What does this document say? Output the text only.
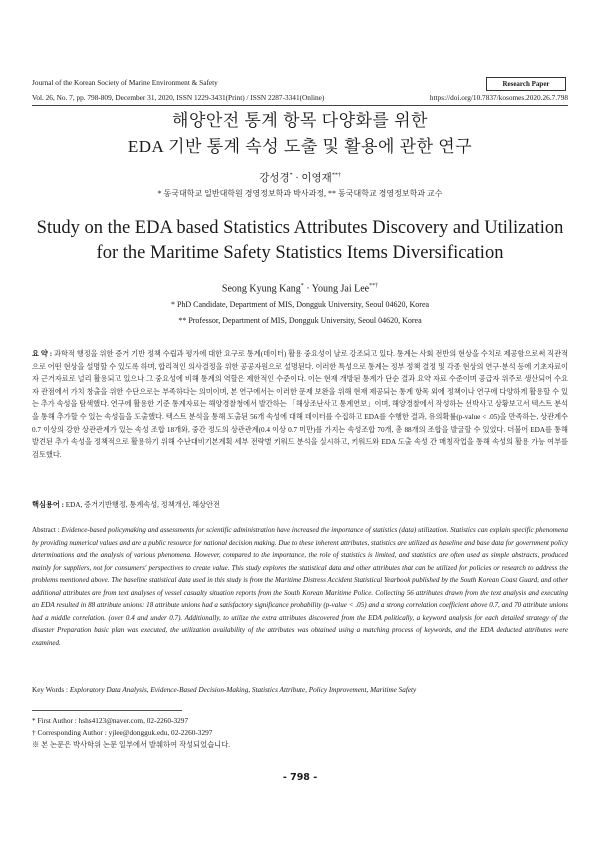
Journal of the Korean Society of Marine Environment & Safety	Research Paper
Vol. 26, No. 7, pp. 798-809, December 31, 2020, ISSN 1229-3431(Print) / ISSN 2287-3341(Online)	https://doi.org/10.7837/kosomes.2020.26.7.798
해양안전 통계 항목 다양화를 위한
EDA 기반 통계 속성 도출 및 활용에 관한 연구
강성경* · 이영재**†
* 동국대학교 일반대학원 경영정보학과 박사과정, ** 동국대학교 경영정보학과 교수
Study on the EDA based Statistics Attributes Discovery and Utilization
for the Maritime Safety Statistics Items Diversification
Seong Kyung Kang* · Young Jai Lee**†
* PhD Candidate, Department of MIS, Dongguk University, Seoul 04620, Korea
** Professor, Department of MIS, Dongguk University, Seoul 04620, Korea
요 약 : 과학적 행정을 위한 증거 기반 정책 수립과 평가에 대한 요구로 통계(데이터) 활용 중요성이 날로 강조되고 있다. 통계는 사회 전반의 현상을 수치로 제공함으로써 직관적으로 어떤 현상을 설명할 수 있도록 하며, 합리적인 의사결정을 위한 공공자원으로 설명된다. 이러한 특성으로 통계는 정부 정책 결정 및 각종 현상의 연구·분석 등에 기초자료이자 근거자료로 널리 활용되고 있으나 그 중요성에 비해 통계의 역할은 제한적인 수준이다. 이는 현재 개방된 통계가 단순 결과 요약 자료 수준이며 공급자 위주로 생산되어 수요자 관점에서 가치 창출을 위한 수단으로는 부족하다는 의미이며, 본 연구에서는 이러한 문제 보완을 위해 현재 제공되는 통계 항목 외에 정책이나 연구에 다양하게 활용할 수 있는 추가 속성을 탐색했다. 연구에 활용한 기준 통계자료는 해양경찰청에서 발간하는 「해상조난사고 통계연보」이며, 해양경찰에서 작성하는 선박사고 상황보고서 텍스트 분석을 통해 추가할 수 있는 속성들을 도출했다. 텍스트 분석을 통해 도출된 56개 속성에 대해 데이터를 수집하고 EDA를 수행한 결과, 유의확률(p-value < .05)을 만족하는, 상관계수 0.7 이상의 강한 상관관계가 있는 속성 조합 18개와, 중간 정도의 상관관계(0.4 이상 0.7 미만)를 가지는 속성조합 70개, 총 88개의 조합을 발굴할 수 있었다. 더불어 EDA를 통해 발견된 추가 속성을 정책적으로 활용하기 위해 수난대비기본계획 세부 전략별 키워드 분석을 실시하고, 키워드와 EDA 도출 속성 간 매칭작업을 통해 속성의 활용 가능 여부를 검토했다.
핵심용어 : EDA, 증거기반행정, 통계속성, 정책개선, 해상안전
Abstract : Evidence-based policymaking and assessments for scientific administration have increased the importance of statistics (data) utilization. Statistics can explain specific phenomena by providing numerical values and are a public resource for national decision making. Due to these inherent attributes, statistics are utilized as baseline and base data for government policy determinations and the analysis of various phenomena. However, compared to the importance, the role of statistics is limited, and statistics are often used as simple abstracts, produced mainly for suppliers, not for consumers' perspectives to create value. This study explores the statistical data and other attributes that can be utilized for policies or research to address the problems mentioned above. The baseline statistical data used in this study is from the Maritime Distress Accident Statistical Yearbook published by the South Korean Coast Guard, and other additional attributes are from text analyses of vessel casualty situation reports from the South Korean Maritime Police. Collecting 56 attributes drawn from the text analysis and executing an EDA resulted in 88 attribute unions: 18 attribute unions had a satisfactory significance probability (p-value < .05) and a strong correlation coefficient above 0.7, and 70 attribute unions had a middle correlation. (over 0.4 and under 0.7). Additionally, to utilize the extra attributes discovered from the EDA politically, a keyword analysis for each detailed strategy of the disaster Preparation basic plan was executed, the utilization availability of the attributes was obtained using a matching process of keywords, and the EDA deducted attributes were examined.
Key Words : Exploratory Data Analysis, Evidence-Based Decision-Making, Statistics Attribute, Policy Improvement, Maritime Safety
* First Author : hshs4123@naver.com, 02-2260-3297
† Corresponding Author : yjlee@dongguk.edu, 02-2260-3297
※ 본 논문은 박사학위 논문 일부에서 발췌하여 작성되었습니다.
- 798 -
